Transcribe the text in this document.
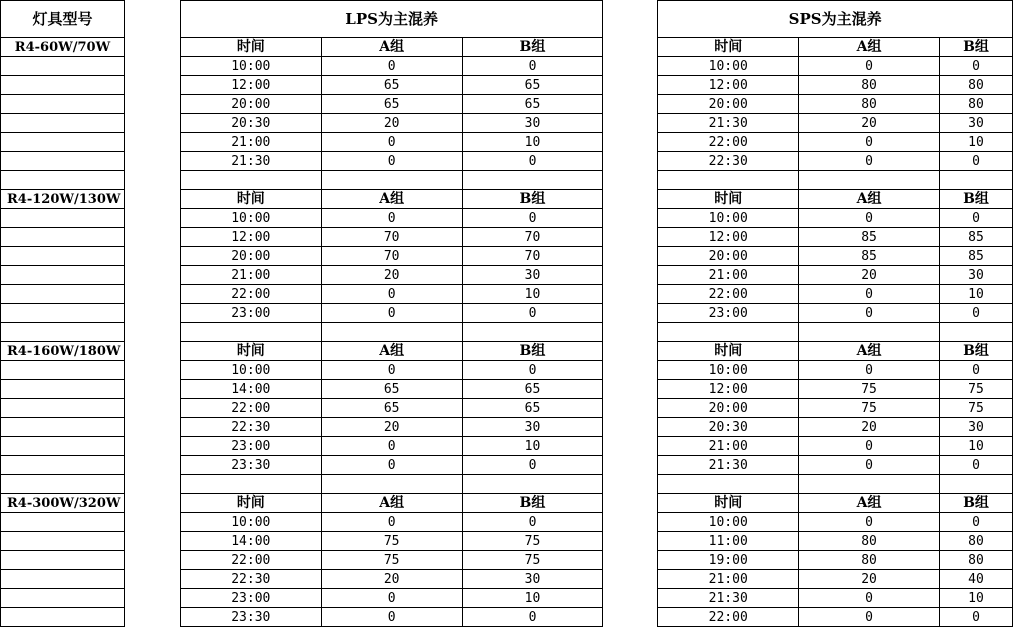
灯具型号		LPS为主混养				SPS为主混养		
R4-60W/70W		时间	A组	B组		时间	A组	B组
		10:00	0	0		10:00	0	0
		12:00	65	65		12:00	80	80
		20:00	65	65		20:00	80	80
		20:30	20	30		21:30	20	30
		21:00	0	10		22:00	0	10
		21:30	0	0		22:30	0	0

R4-120W/130W		时间	A组	B组		时间	A组	B组
		10:00	0	0		10:00	0	0
		12:00	70	70		12:00	85	85
		20:00	70	70		20:00	85	85
		21:00	20	30		21:00	20	30
		22:00	0	10		22:00	0	10
		23:00	0	0		23:00	0	0

R4-160W/180W		时间	A组	B组		时间	A组	B组
		10:00	0	0		10:00	0	0
		14:00	65	65		12:00	75	75
		22:00	65	65		20:00	75	75
		22:30	20	30		20:30	20	30
		23:00	0	10		21:00	0	10
		23:30	0	0		21:30	0	0

R4-300W/320W		时间	A组	B组		时间	A组	B组
		10:00	0	0		10:00	0	0
		14:00	75	75		11:00	80	80
		22:00	75	75		19:00	80	80
		22:30	20	30		21:00	20	40
		23:00	0	10		21:30	0	10
		23:30	0	0		22:00	0	0
